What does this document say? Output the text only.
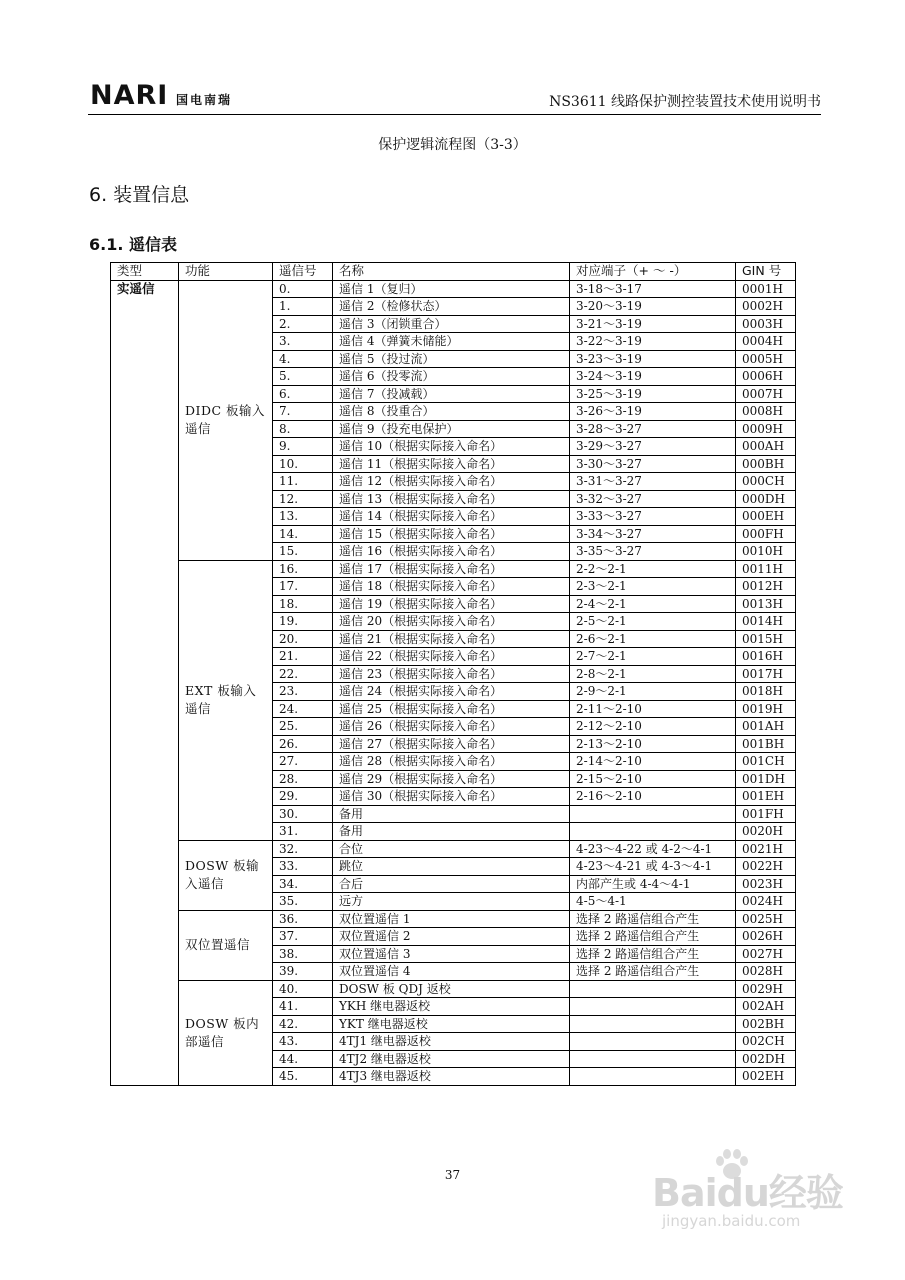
NARI 国电南瑞	NS3611 线路保护测控装置技术使用说明书
保护逻辑流程图（3-3）
6. 装置信息
6.1. 遥信表
类型	功能	遥信号	名称	对应端子（+ ～ -）	GIN 号
实遥信	DIDC 板输入遥信	0.	遥信 1（复归）	3-18～3-17	0001H
		1.	遥信 2（检修状态）	3-20～3-19	0002H
		2.	遥信 3（闭锁重合）	3-21～3-19	0003H
		3.	遥信 4（弹簧未储能）	3-22～3-19	0004H
		4.	遥信 5（投过流）	3-23～3-19	0005H
		5.	遥信 6（投零流）	3-24～3-19	0006H
		6.	遥信 7（投减载）	3-25～3-19	0007H
		7.	遥信 8（投重合）	3-26～3-19	0008H
		8.	遥信 9（投充电保护）	3-28～3-27	0009H
		9.	遥信 10（根据实际接入命名）	3-29～3-27	000AH
		10.	遥信 11（根据实际接入命名）	3-30～3-27	000BH
		11.	遥信 12（根据实际接入命名）	3-31～3-27	000CH
		12.	遥信 13（根据实际接入命名）	3-32～3-27	000DH
		13.	遥信 14（根据实际接入命名）	3-33～3-27	000EH
		14.	遥信 15（根据实际接入命名）	3-34～3-27	000FH
		15.	遥信 16（根据实际接入命名）	3-35～3-27	0010H
	EXT 板输入遥信	16.	遥信 17（根据实际接入命名）	2-2～2-1	0011H
		17.	遥信 18（根据实际接入命名）	2-3～2-1	0012H
		18.	遥信 19（根据实际接入命名）	2-4～2-1	0013H
		19.	遥信 20（根据实际接入命名）	2-5～2-1	0014H
		20.	遥信 21（根据实际接入命名）	2-6～2-1	0015H
		21.	遥信 22（根据实际接入命名）	2-7～2-1	0016H
		22.	遥信 23（根据实际接入命名）	2-8～2-1	0017H
		23.	遥信 24（根据实际接入命名）	2-9～2-1	0018H
		24.	遥信 25（根据实际接入命名）	2-11～2-10	0019H
		25.	遥信 26（根据实际接入命名）	2-12～2-10	001AH
		26.	遥信 27（根据实际接入命名）	2-13～2-10	001BH
		27.	遥信 28（根据实际接入命名）	2-14～2-10	001CH
		28.	遥信 29（根据实际接入命名）	2-15～2-10	001DH
		29.	遥信 30（根据实际接入命名）	2-16～2-10	001EH
		30.	备用		001FH
		31.	备用		0020H
	DOSW 板输入遥信	32.	合位	4-23～4-22 或 4-2～4-1	0021H
		33.	跳位	4-23～4-21 或 4-3～4-1	0022H
		34.	合后	内部产生或 4-4～4-1	0023H
		35.	远方	4-5～4-1	0024H
	双位置遥信	36.	双位置遥信 1	选择 2 路遥信组合产生	0025H
		37.	双位置遥信 2	选择 2 路遥信组合产生	0026H
		38.	双位置遥信 3	选择 2 路遥信组合产生	0027H
		39.	双位置遥信 4	选择 2 路遥信组合产生	0028H
	DOSW 板内部遥信	40.	DOSW 板 QDJ 返校		0029H
		41.	YKH 继电器返校		002AH
		42.	YKT 继电器返校		002BH
		43.	4TJ1 继电器返校		002CH
		44.	4TJ2 继电器返校		002DH
		45.	4TJ3 继电器返校		002EH
37	Baidu经验
jingyan.baidu.com
